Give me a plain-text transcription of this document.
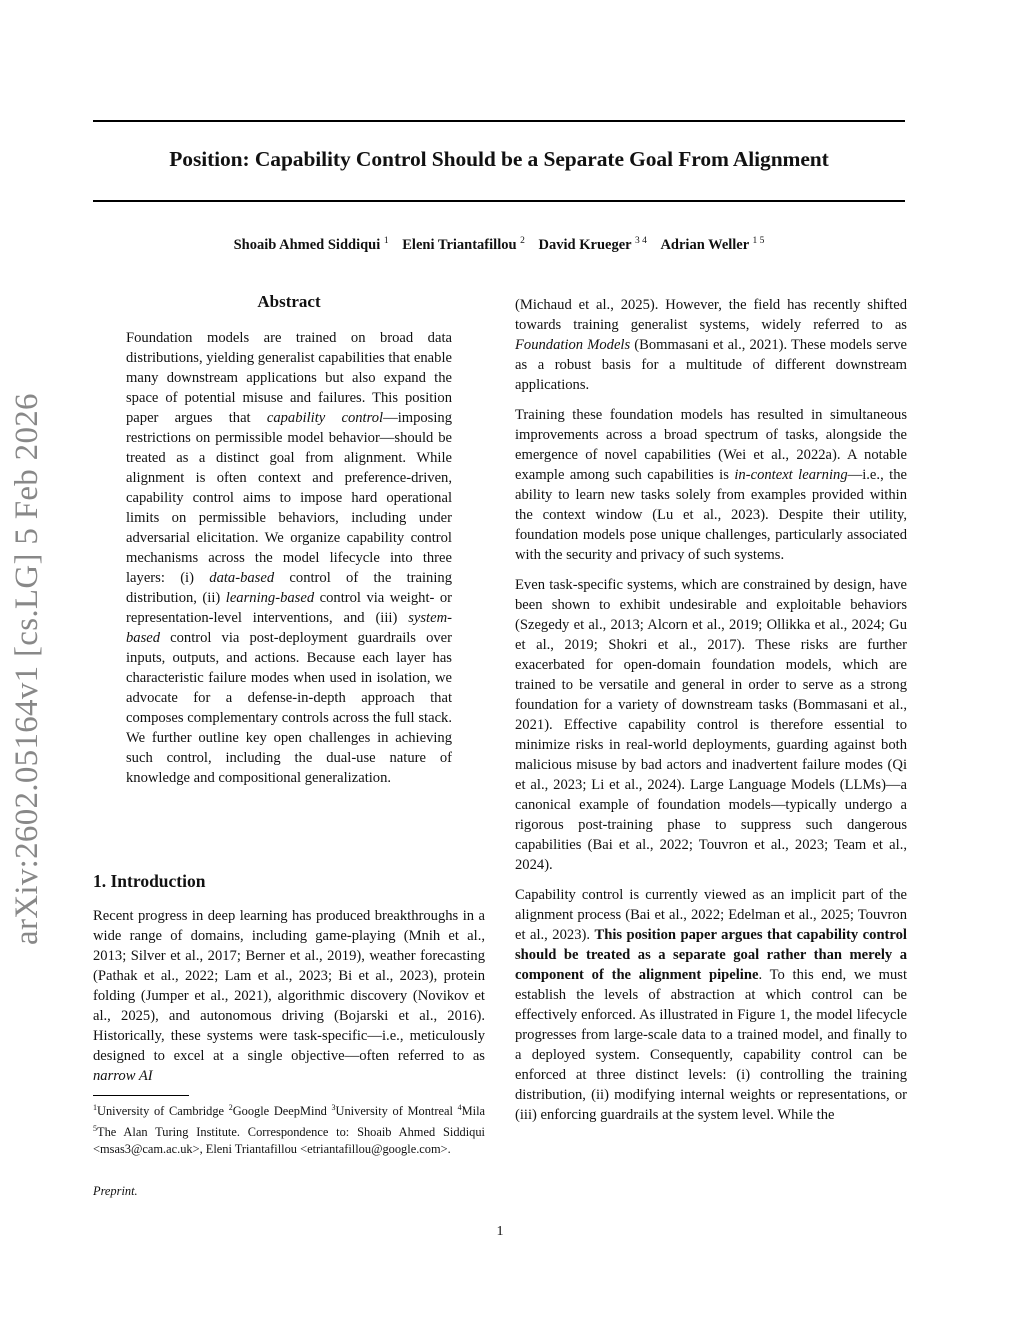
Position: Capability Control Should be a Separate Goal From Alignment
Shoaib Ahmed Siddiqui $^1$ Eleni Triantafillou $^2$ David Krueger $^{3 4}$ Adrian Weller $^{1 5}$
arXiv:2602.05164v1 [cs.LG] 5 Feb 2026
Abstract
Foundation models are trained on broad data distributions, yielding generalist capabilities that enable many downstream applications but also expand the space of potential misuse and failures. This position paper argues that capability control—imposing restrictions on permissible model behavior—should be treated as a distinct goal from alignment. While alignment is often context and preference-driven, capability control aims to impose hard operational limits on permissible behaviors, including under adversarial elicitation. We organize capability control mechanisms across the model lifecycle into three layers: (i) data-based control of the training distribution, (ii) learning-based control via weight- or representation-level interventions, and (iii) system-based control via post-deployment guardrails over inputs, outputs, and actions. Because each layer has characteristic failure modes when used in isolation, we advocate for a defense-in-depth approach that composes complementary controls across the full stack. We further outline key open challenges in achieving such control, including the dual-use nature of knowledge and compositional generalization.
1. Introduction
Recent progress in deep learning has produced breakthroughs in a wide range of domains, including game-playing (Mnih et al., 2013; Silver et al., 2017; Berner et al., 2019), weather forecasting (Pathak et al., 2022; Lam et al., 2023; Bi et al., 2023), protein folding (Jumper et al., 2021), algorithmic discovery (Novikov et al., 2025), and autonomous driving (Bojarski et al., 2016). Historically, these systems were task-specific—i.e., meticulously designed to excel at a single objective—often referred to as narrow AI
$^1$University of Cambridge $^2$Google DeepMind $^3$University of Montreal $^4$Mila $^5$The Alan Turing Institute. Correspondence to: Shoaib Ahmed Siddiqui <msas3@cam.ac.uk>, Eleni Triantafillou <etriantafillou@google.com>.
Preprint.

(Michaud et al., 2025). However, the field has recently shifted towards training generalist systems, widely referred to as Foundation Models (Bommasani et al., 2021). These models serve as a robust basis for a multitude of different downstream applications.

Training these foundation models has resulted in simultaneous improvements across a broad spectrum of tasks, alongside the emergence of novel capabilities (Wei et al., 2022a). A notable example among such capabilities is in-context learning—i.e., the ability to learn new tasks solely from examples provided within the context window (Lu et al., 2023). Despite their utility, foundation models pose unique challenges, particularly associated with the security and privacy of such systems.

Even task-specific systems, which are constrained by design, have been shown to exhibit undesirable and exploitable behaviors (Szegedy et al., 2013; Alcorn et al., 2019; Ollikka et al., 2024; Gu et al., 2019; Shokri et al., 2017). These risks are further exacerbated for open-domain foundation models, which are trained to be versatile and general in order to serve as a strong foundation for a variety of downstream tasks (Bommasani et al., 2021). Effective capability control is therefore essential to minimize risks in real-world deployments, guarding against both malicious misuse by bad actors and inadvertent failure modes (Qi et al., 2023; Li et al., 2024). Large Language Models (LLMs)—a canonical example of foundation models—typically undergo a rigorous post-training phase to suppress such dangerous capabilities (Bai et al., 2022; Touvron et al., 2023; Team et al., 2024).

Capability control is currently viewed as an implicit part of the alignment process (Bai et al., 2022; Edelman et al., 2025; Touvron et al., 2023). This position paper argues that capability control should be treated as a separate goal rather than merely a component of the alignment pipeline. To this end, we must establish the levels of abstraction at which control can be effectively enforced. As illustrated in Figure 1, the model lifecycle progresses from large-scale data to a trained model, and finally to a deployed system. Consequently, capability control can be enforced at three distinct levels: (i) controlling the training distribution, (ii) modifying internal weights or representations, or (iii) enforcing guardrails at the system level. While the

1
